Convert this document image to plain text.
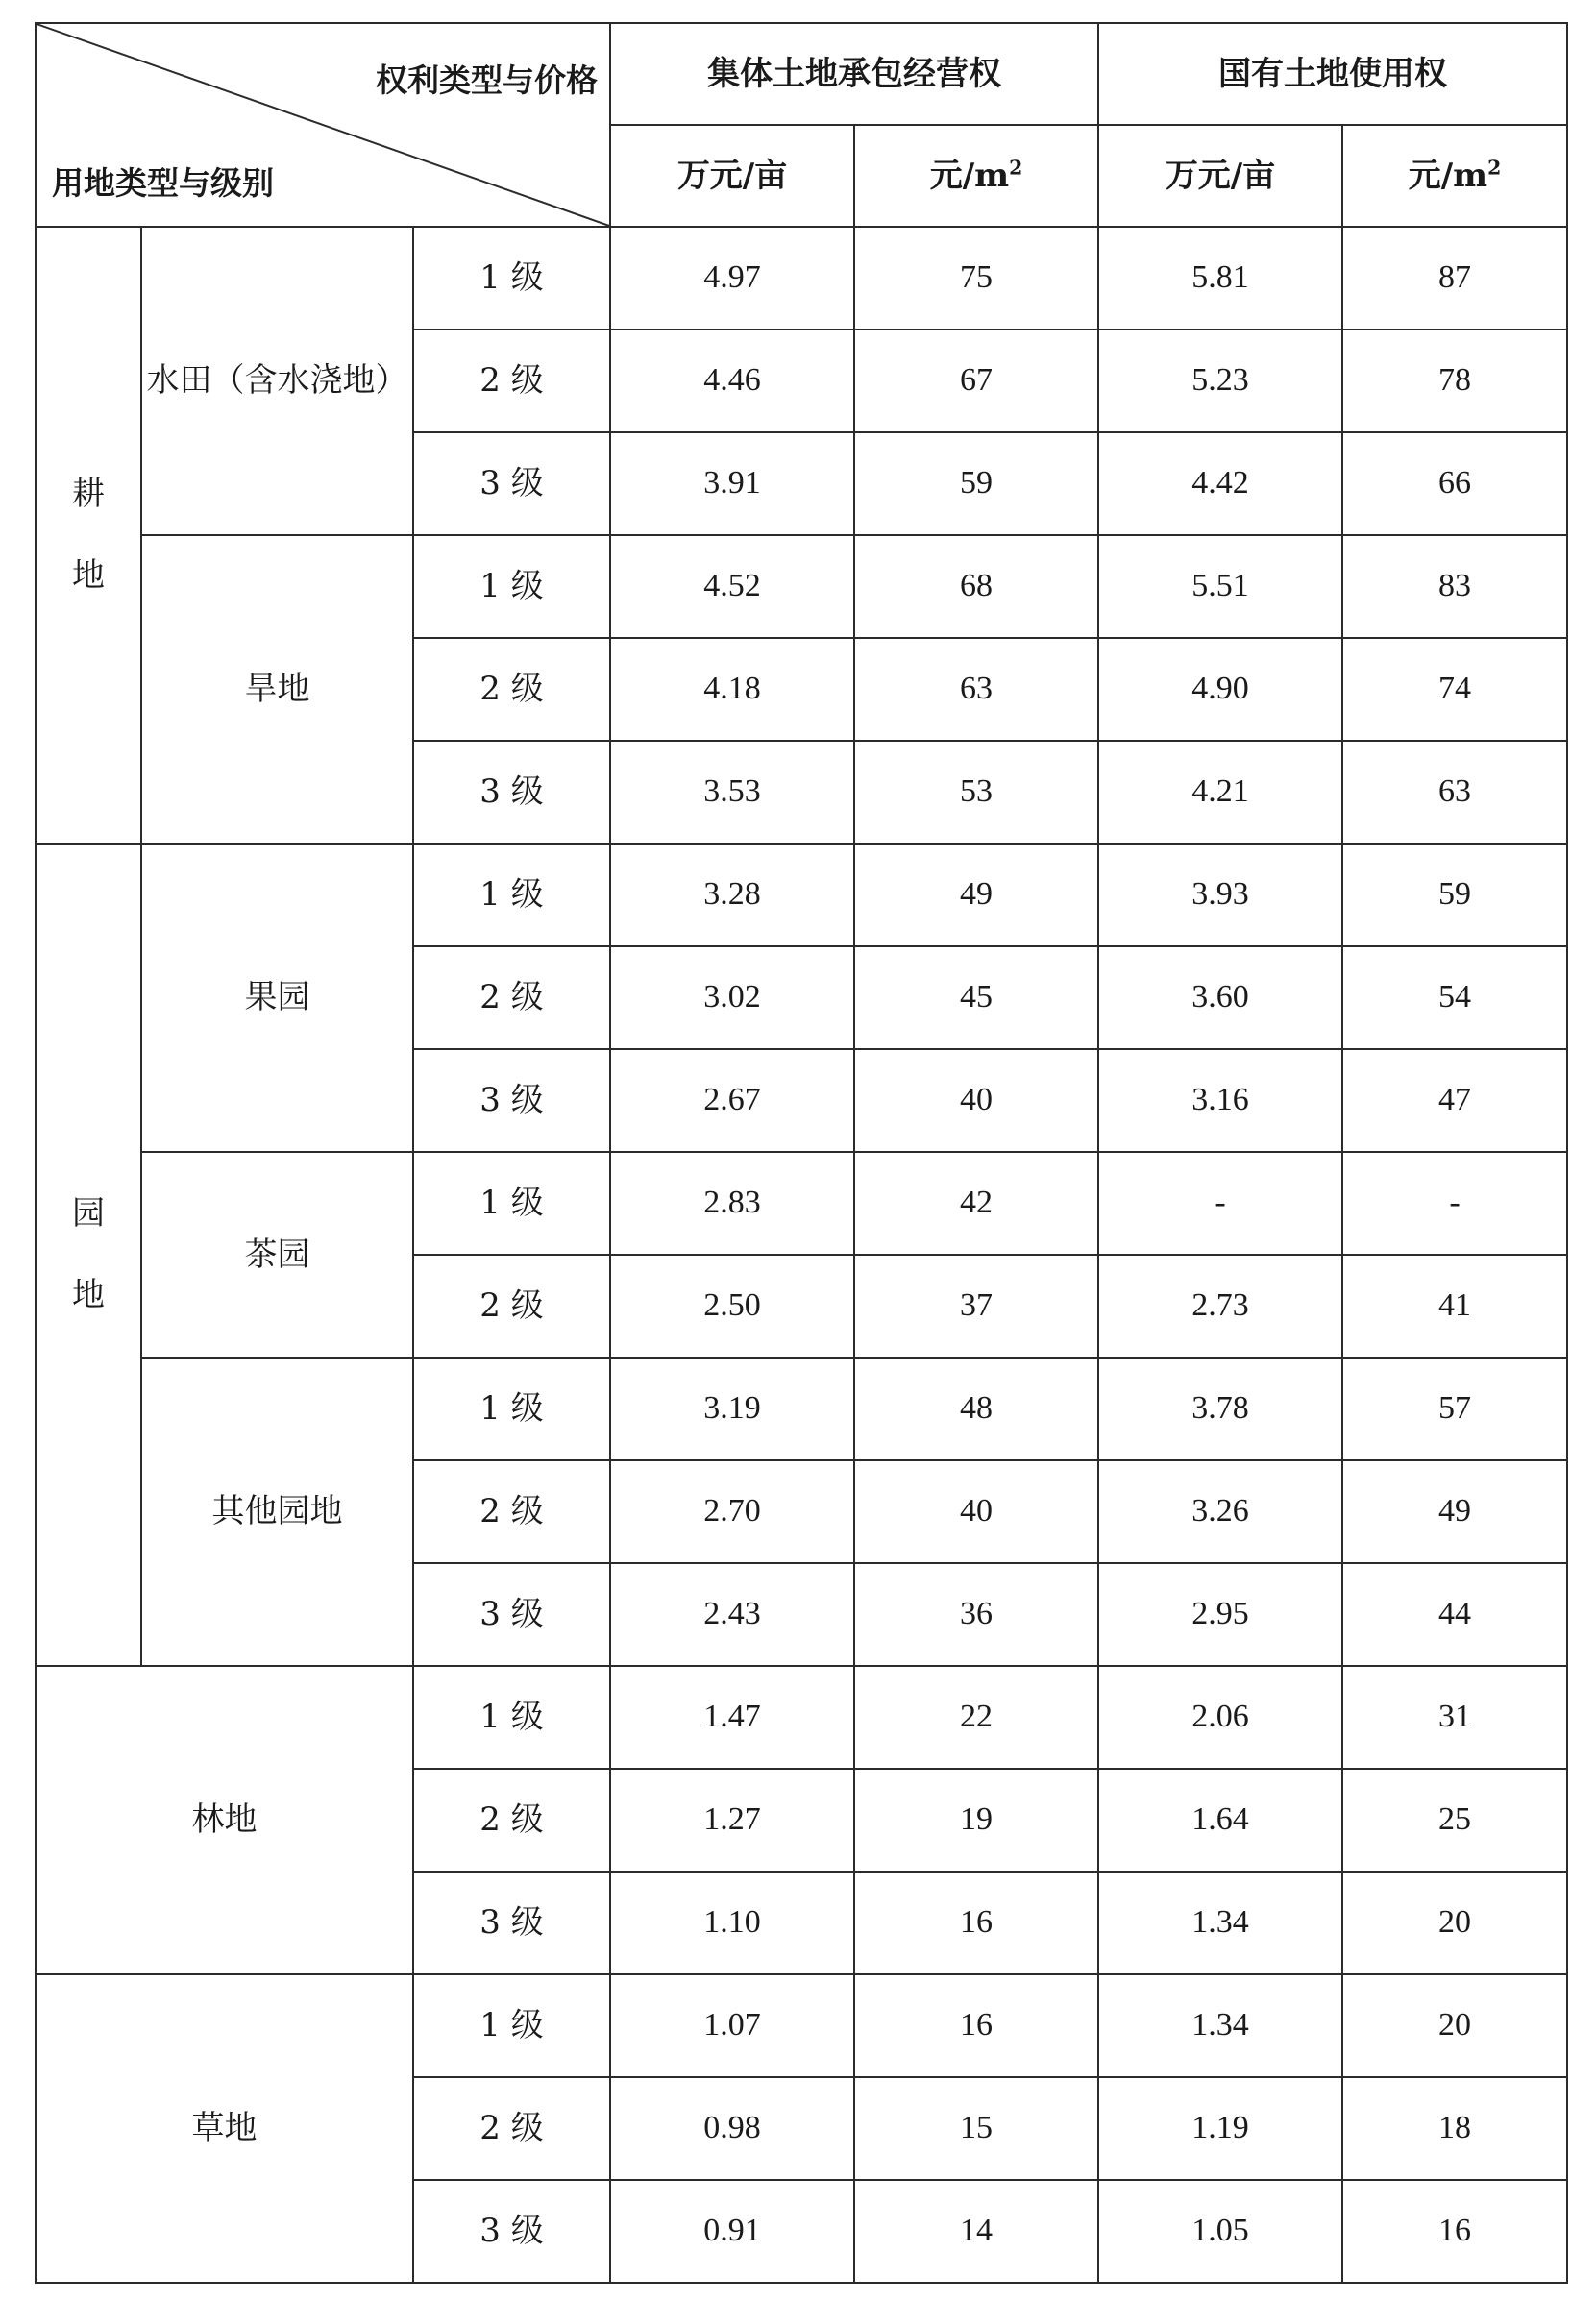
权利类型与价格
用地类型与级别			集体土地承包经营权		国有土地使用权	
			万元/亩	元$/m^2$	万元/亩	元$/m^2$
耕

地	水田（含水浇地）	1 级	4.97	75	5.81	87
		2 级	4.46	67	5.23	78
		3 级	3.91	59	4.42	66
	旱地	1 级	4.52	68	5.51	83
		2 级	4.18	63	4.90	74
		3 级	3.53	53	4.21	63
园

地	果园	1 级	3.28	49	3.93	59
		2 级	3.02	45	3.60	54
		3 级	2.67	40	3.16	47
	茶园	1 级	2.83	42	-	-
		2 级	2.50	37	2.73	41
	其他园地	1 级	3.19	48	3.78	57
		2 级	2.70	40	3.26	49
		3 级	2.43	36	2.95	44
林地		1 级	1.47	22	2.06	31
		2 级	1.27	19	1.64	25
		3 级	1.10	16	1.34	20
草地		1 级	1.07	16	1.34	20
		2 级	0.98	15	1.19	18
		3 级	0.91	14	1.05	16
